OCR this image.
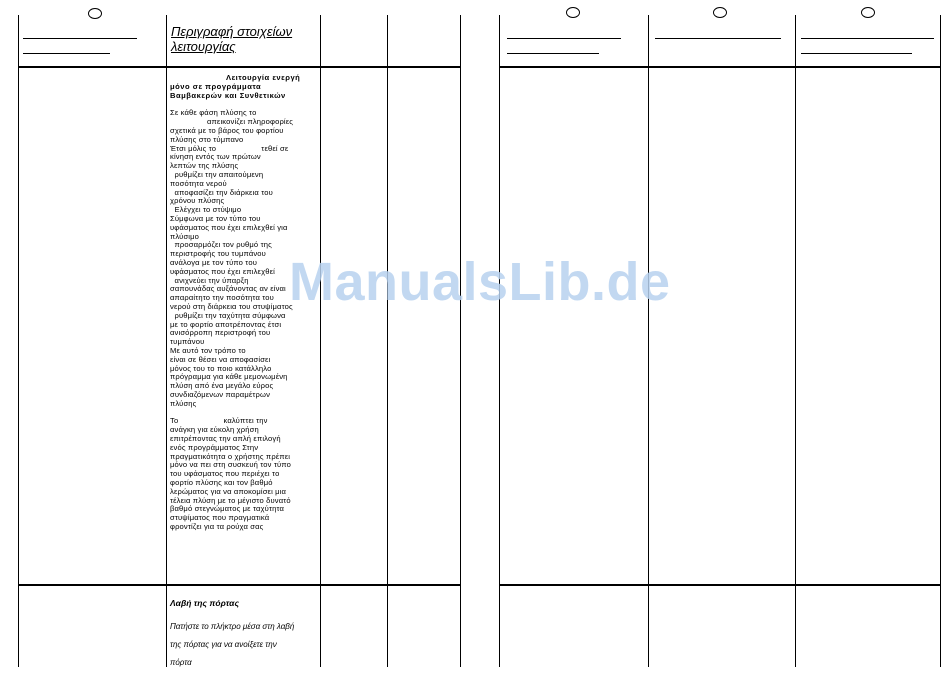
Περιγραφή στοιχείων
λειτουργίας

Λειτουργία ενεργή

μόνο σε προγράμματα

Βαμβακερών και Συνθετικών

Σε κάθε φάση πλύσης το

απεικονίζει πληροφορίες

σχετικά με το βάρος του φορτίου

πλύσης στο τύμπανο

Έτσι μόλις το                    τεθεί σε

κίνηση εντός των πρώτων

λεπτών της πλύσης

ρυθμίζει την απαιτούμενη

ποσότητα νερού

αποφασίζει την διάρκεια του

χρόνου πλύσης

Ελέγχει το στύψιμο

Σύμφωνα με τον τύπο του

υφάσματος που έχει επιλεχθεί για

πλύσιμο

προσαρμόζει τον ρυθμό της

περιστροφής του τυμπάνου

ανάλογα με τον τύπο του

υφάσματος που έχει επιλεχθεί

ανιχνεύει την ύπαρξη

σαπουνάδας αυξάνοντας αν είναι

απαραίτητο την ποσότητα του

νερού στη διάρκεια του στυψίματος

ρυθμίζει την ταχύτητα σύμφωνα

με το φορτίο αποτρέποντας έτσι

ανισόρροπη περιστροφή του

τυμπάνου

Με αυτό τον τρόπο το

είναι σε θέσει να αποφασίσει

μόνος του το ποιο κατάλληλο

πρόγραμμα για κάθε μεμονωμένη

πλύση από ένα μεγάλο εύρος

συνδιαζόμενων παραμέτρων

πλύσης

Το                    καλύπτει την

ανάγκη για εύκολη χρήση

επιτρέποντας την απλή επιλογή

ενός προγράμματος Στην

πραγματικότητα ο χρήστης πρέπει

μόνο να πει στη συσκευή τον τύπο

του υφάσματος που περιέχει το

φορτίο πλύσης και τον βαθμό

λερώματος για να αποκομίσει μια

τέλεια πλύση με το μέγιστο δυνατό

βαθμό στεγνώματος με ταχύτητα

στυψίματος που πραγματικά

φροντίζει για τα ρούχα σας

Λαβή της πόρτας

Πατήστε το πλήκτρο μέσα στη λαβή

της πόρτας για να ανοίξετε την

πόρτα

ManualsLib.de
